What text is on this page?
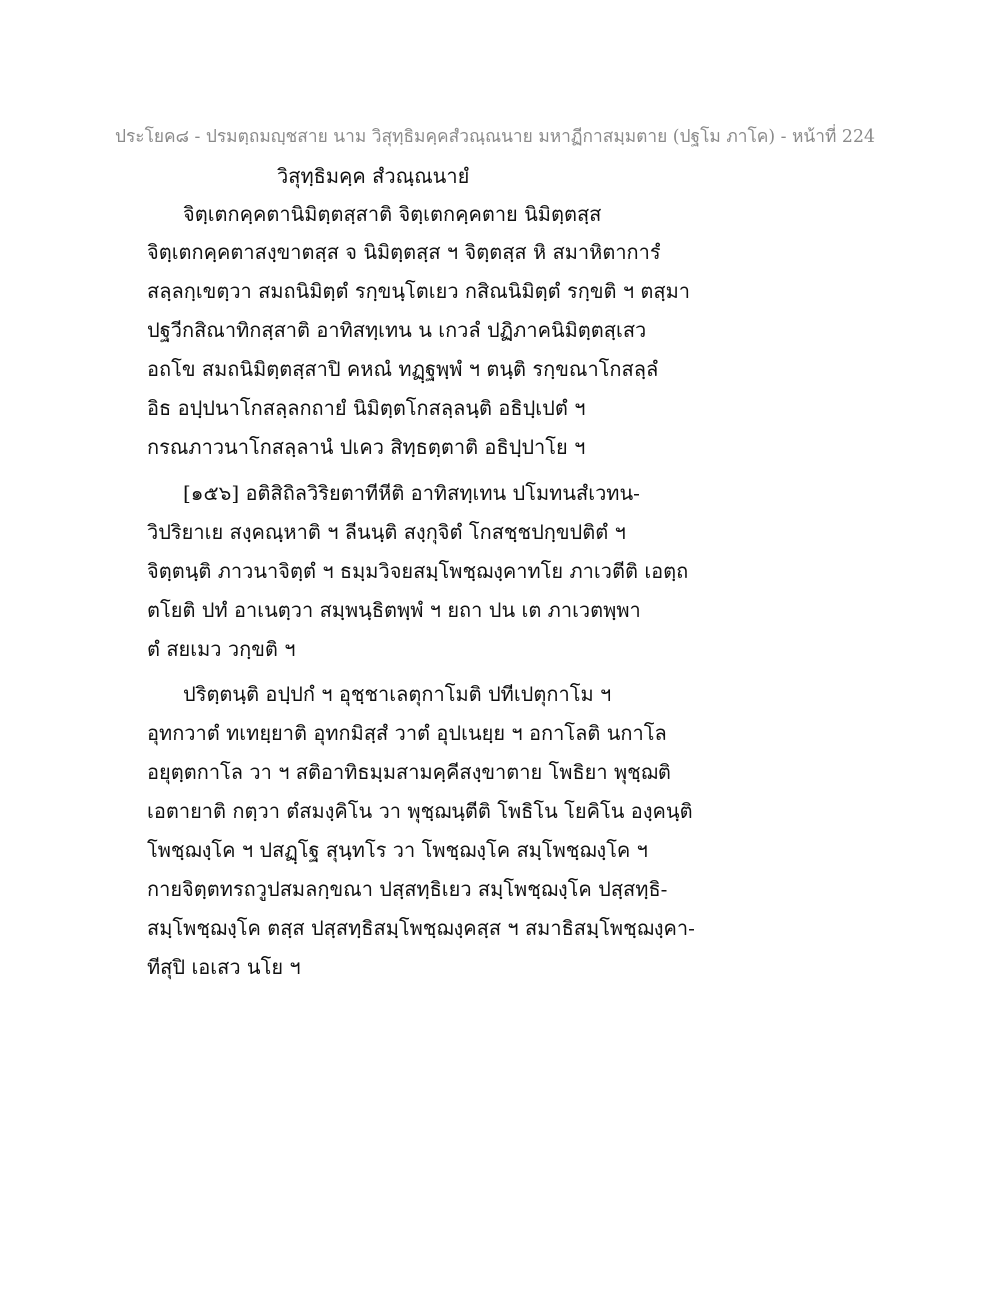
ประโยค๘ - ปรมตฺถมญฺชสาย นาม วิสุทฺธิมคฺคสํวณฺณนาย มหาฏีกาสมฺมตาย (ปฐโม ภาโค) - หน้าที่ 224
วิสุทฺธิมคฺค สํวณฺณนายํ
จิตฺเตกคฺคตานิมิตฺตสฺสาติ จิตฺเตกคฺคตาย นิมิตฺตสฺส
จิตฺเตกคฺคตาสงฺขาตสฺส จ นิมิตฺตสฺส ฯ จิตฺตสฺส หิ สมาหิตาการํ
สลฺลกฺเขตฺวา สมถนิมิตฺตํ รกฺขนฺโตเยว กสิณนิมิตฺตํ รกฺขติ ฯ ตสฺมา
ปฐวีกสิณาทิกสฺสาติ อาทิสทฺเทน น เกวลํ ปฏิภาคนิมิตฺตสฺเสว
อถโข สมถนิมิตฺตสฺสาปิ คหณํ ทฏฺฐพฺพํ ฯ ตนฺติ รกฺขณาโกสลฺลํ
อิธ อปฺปนาโกสลฺลกถายํ นิมิตฺตโกสลฺลนฺติ อธิปฺเปตํ ฯ
กรณภาวนาโกสลฺลานํ ปเคว สิทฺธตฺตาติ อธิปฺปาโย ฯ
[๑๕๖] อติสิถิลวิริยตาทีหีติ อาทิสทฺเทน ปโมทนสํเวทน-
วิปริยาเย สงฺคณฺหาติ ฯ ลีนนฺติ สงฺกุจิตํ โกสชฺชปกฺขปติตํ ฯ
จิตฺตนฺติ ภาวนาจิตฺตํ ฯ ธมฺมวิจยสมฺโพชฺฌงฺคาทโย ภาเวตีติ เอตฺถ
ตโยติ ปทํ อาเนตฺวา สมฺพนฺธิตพฺพํ ฯ ยถา ปน เต ภาเวตพฺพา
ตํ สยเมว วกฺขติ ฯ
ปริตฺตนฺติ อปฺปกํ ฯ อุชฺชาเลตุกาโมติ ปทีเปตุกาโม ฯ
อุทกวาตํ ทเทยฺยาติ อุทกมิสฺสํ วาตํ อุปเนยฺย ฯ อกาโลติ นกาโล
อยุตฺตกาโล วา ฯ สติอาทิธมฺมสามคฺคีสงฺขาตาย โพธิยา พุชฺฌติ
เอตายาติ กตฺวา ตํสมงฺคิโน วา พุชฺฌนฺตีติ โพธิโน โยคิโน องฺคนฺติ
โพชฺฌงฺโค ฯ ปสฏฺโฐ สุนฺทโร วา โพชฺฌงฺโค สมฺโพชฺฌงฺโค ฯ
กายจิตฺตทรถวูปสมลกฺขณา ปสฺสทฺธิเยว สมฺโพชฺฌงฺโค ปสฺสทฺธิ-
สมฺโพชฺฌงฺโค ตสฺส ปสฺสทฺธิสมฺโพชฺฌงฺคสฺส ฯ สมาธิสมฺโพชฺฌงฺคา-
ทีสุปิ เอเสว นโย ฯ
